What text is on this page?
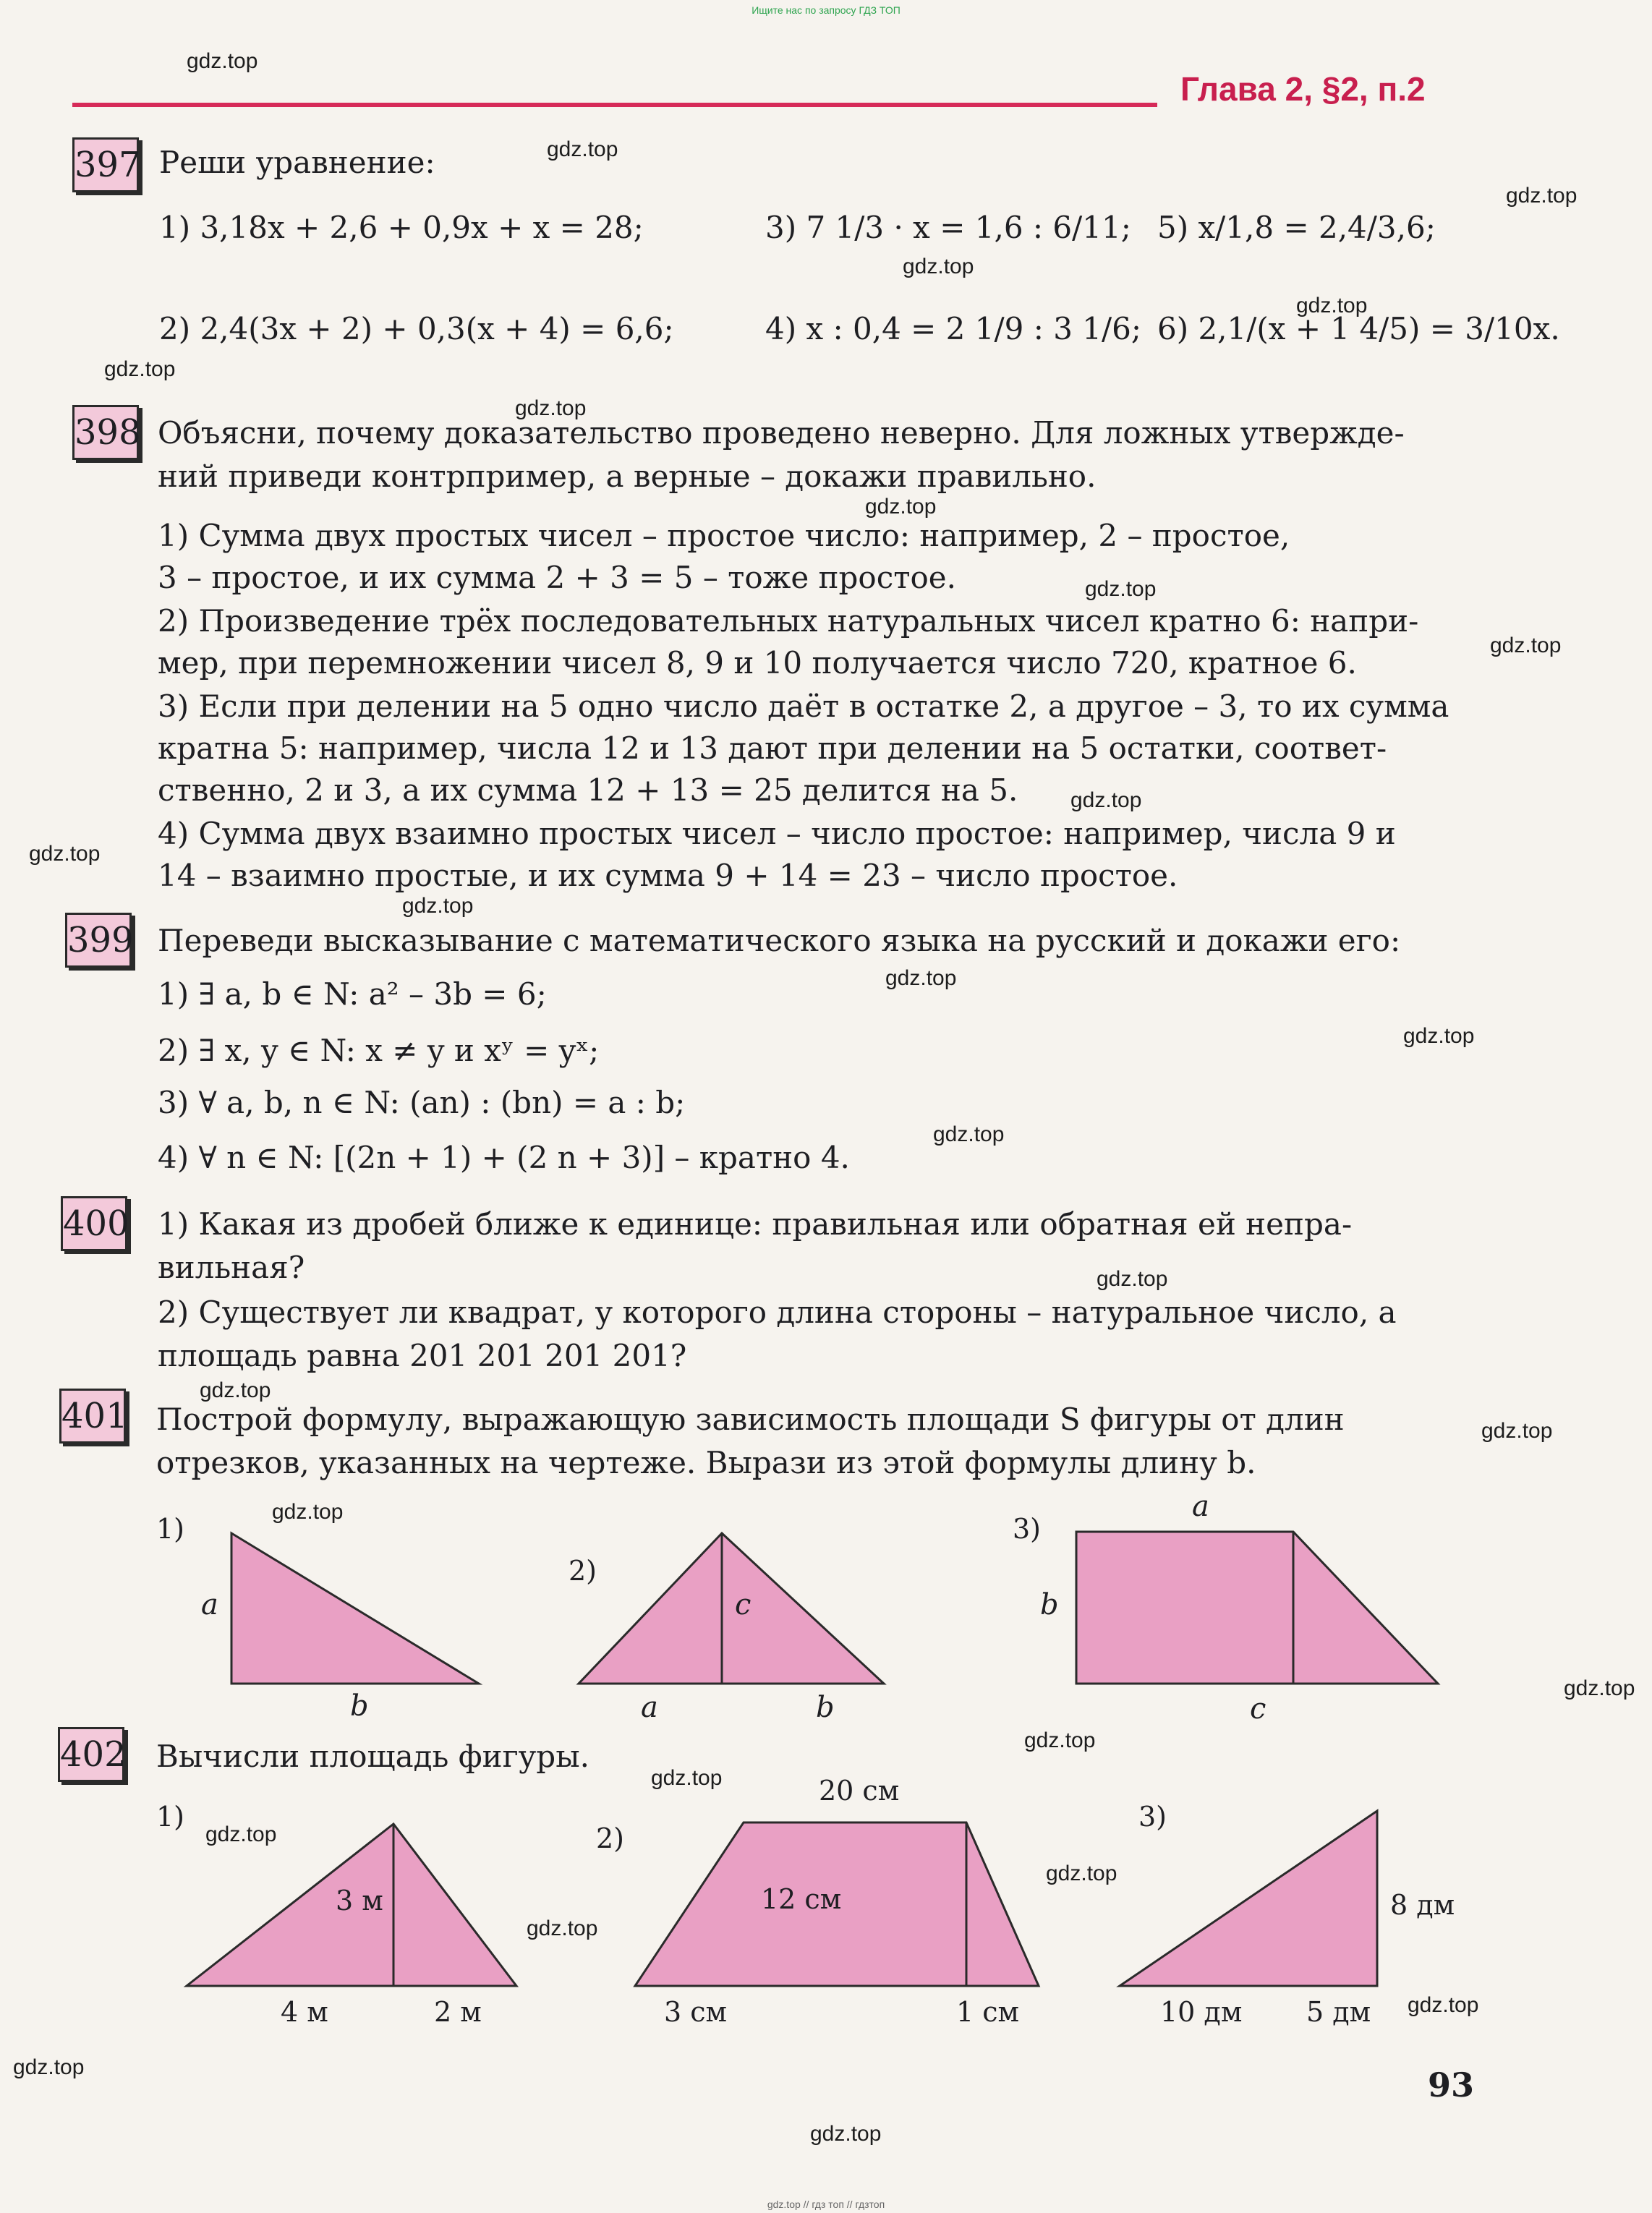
Ищите нас по запросу ГДЗ ТОП
Глава 2, §2, п.2
397 Реши уравнение:
1) 3,18x + 2,6 + 0,9x + x = 28;
2) 2,4(3x + 2) + 0,3(x + 4) = 6,6;
3) 7 1/3 · x = 1,6 : 6/11;
4) x : 0,4 = 2 1/9 : 3 1/6;
5) x/1,8 = 2,4/3,6;
6) 2,1/(x + 1 4/5) = 3/10x.
398 Объясни, почему доказательство проведено неверно. Для ложных утвержде-
ний приведи контрпример, а верные – докажи правильно.
1) Сумма двух простых чисел – простое число: например, 2 – простое,
3 – простое, и их сумма 2 + 3 = 5 – тоже простое.
2) Произведение трёх последовательных натуральных чисел кратно 6: напри-
мер, при перемножении чисел 8, 9 и 10 получается число 720, кратное 6.
3) Если при делении на 5 одно число даёт в остатке 2, а другое – 3, то их сумма
кратна 5: например, числа 12 и 13 дают при делении на 5 остатки, соответ-
ственно, 2 и 3, а их сумма 12 + 13 = 25 делится на 5.
4) Сумма двух взаимно простых чисел – число простое: например, числа 9 и
14 – взаимно простые, и их сумма 9 + 14 = 23 – число простое.
399 Переведи высказывание с математического языка на русский и докажи его:
1) ∃ a, b ∈ N: a² – 3b = 6;
2) ∃ x, y ∈ N: x ≠ y и xʸ = yˣ;
3) ∀ a, b, n ∈ N: (an) : (bn) = a : b;
4) ∀ n ∈ N: [(2n + 1) + (2 n + 3)] – кратно 4.
400 1) Какая из дробей ближе к единице: правильная или обратная ей непра-
вильная?
2) Существует ли квадрат, у которого длина стороны – натуральное число, а
площадь равна 201 201 201 201?
401 Построй формулу, выражающую зависимость площади S фигуры от длин
отрезков, указанных на чертеже. Вырази из этой формулы длину b.
402 Вычисли площадь фигуры.
1)
a
b
2)
c
a	b
3)
a
b
c
1)
3 м
4 м	2 м
2)
20 см
12 см
3 см	1 см
3)
8 дм
10 дм 5 дм
93
gdz.top
gdz.top
gdz.top
gdz.top
gdz.top
gdz.top
gdz.top
gdz.top
gdz.top
gdz.top
gdz.top
gdz.top
gdz.top
gdz.top
gdz.top
gdz.top
gdz.top
gdz.top
gdz.top
gdz.top
gdz.top
gdz.top
gdz.top
gdz.top
gdz.top
gdz.top
gdz.top
gdz.top
gdz.top
gdz.top // гдз топ // гдзтоп
